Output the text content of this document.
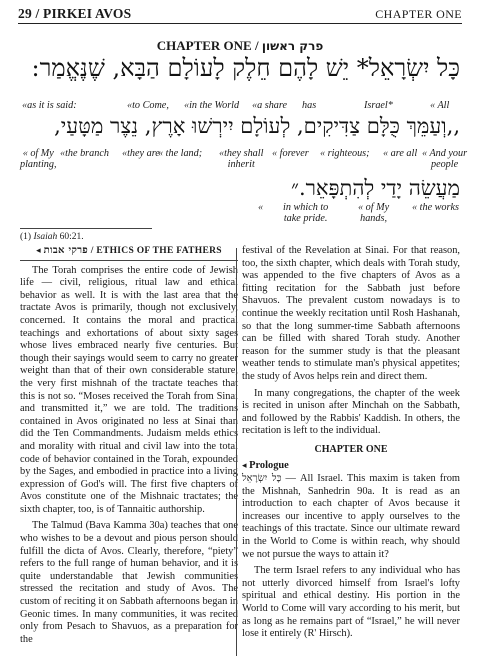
29 / PIRKEI AVOS	CHAPTER ONE
CHAPTER ONE / פרק ראשון
כָּל יִשְׂרָאֵל* יֵשׁ לָהֶם חֵלֶק לָעוֹלָם הַבָּא, שֶׁנֶּאֱמַר:
«as it is said:	«to Come, «in the World «a share has	Israel*	« All
,,וְעַמֵּךְ כֻּלָּם צַדִּיקִים, לְעוֹלָם יִירְשׁוּ אָרֶץ, נֵצֶר מַטָּעַי,
« of My
planting,
«the branch «they are
« the land; «they shall
inherit
« forever « righteous; « are all « And your
people
מַעֲשֵׂה יָדַי לְהִתְפָּאֵר.״
« in which to
take pride.
« of My
hands,
« the works
(1) Isaiah 60:21.
◂︎ פרקי אבות / ETHICS OF THE FATHERS

The Torah comprises the entire code of Jewish life — civil, religious, ritual law and ethical behavior as well. It is with the last area that the tractate Avos is primarily, though not exclusively, concerned. It contains the moral and practical teachings and exhortations of about sixty sages whose lives embraced nearly five centuries. But though their sayings would seem to carry no greater weight than that of their own considerable stature, the very first mishnah of the tractate teaches that this is not so. “Moses received the Torah from Sinai and transmitted it,” we are told. The traditions contained in Avos originated no less at Sinai than did the Ten Commandments. Judaism melds ethics and morality with ritual and civil law into the total code of behavior contained in the Torah, expounded by the Sages, and embodied in practice into a living expression of God's will. The first five chapters of Avos constitute one of the Mishnaic tractates; the sixth chapter, too, is of Tannaitic authorship.

The Talmud (Bava Kamma 30a) teaches that one who wishes to be a devout and pious person should fulfill the dicta of Avos. Clearly, therefore, “piety” refers to the full range of human behavior, and it is quite understandable that Jewish communities stressed the recitation and study of Avos. The custom of reciting it on Sabbath afternoons began in Geonic times. In many communities, it was recited only from Pesach to Shavuos, as a preparation for the

festival of the Revelation at Sinai. For that reason, too, the sixth chapter, which deals with Torah study, was appended to the five chapters of Avos as a fitting recitation for the Sabbath just before Shavuos. The prevalent custom nowadays is to continue the weekly recitation until Rosh Hashanah, so that the long summer-time Sabbath afternoons can be filled with shared Torah study. Another reason for the summer study is that the pleasant weather tends to stimulate man's physical appetites; the study of Avos helps rein and direct them.

In many congregations, the chapter of the week is recited in unison after Minchah on the Sabbath, and followed by the Rabbis' Kaddish. In others, the recitation is left to the individual.

CHAPTER ONE
◂︎ Prologue

כָּל יִשְׂרָאֵל — All Israel. This maxim is taken from the Mishnah, Sanhedrin 90a. It is read as an introduction to each chapter of Avos because it increases our incentive to apply ourselves to the teachings of this tractate. Since our ultimate reward in the World to Come is within reach, why should we not pursue the ways to attain it?

The term Israel refers to any individual who has not utterly divorced himself from Israel's lofty spiritual and ethical destiny. His portion in the World to Come will vary according to his merit, but as long as he remains part of “Israel,” he will never lose it entirely (R' Hirsch).
